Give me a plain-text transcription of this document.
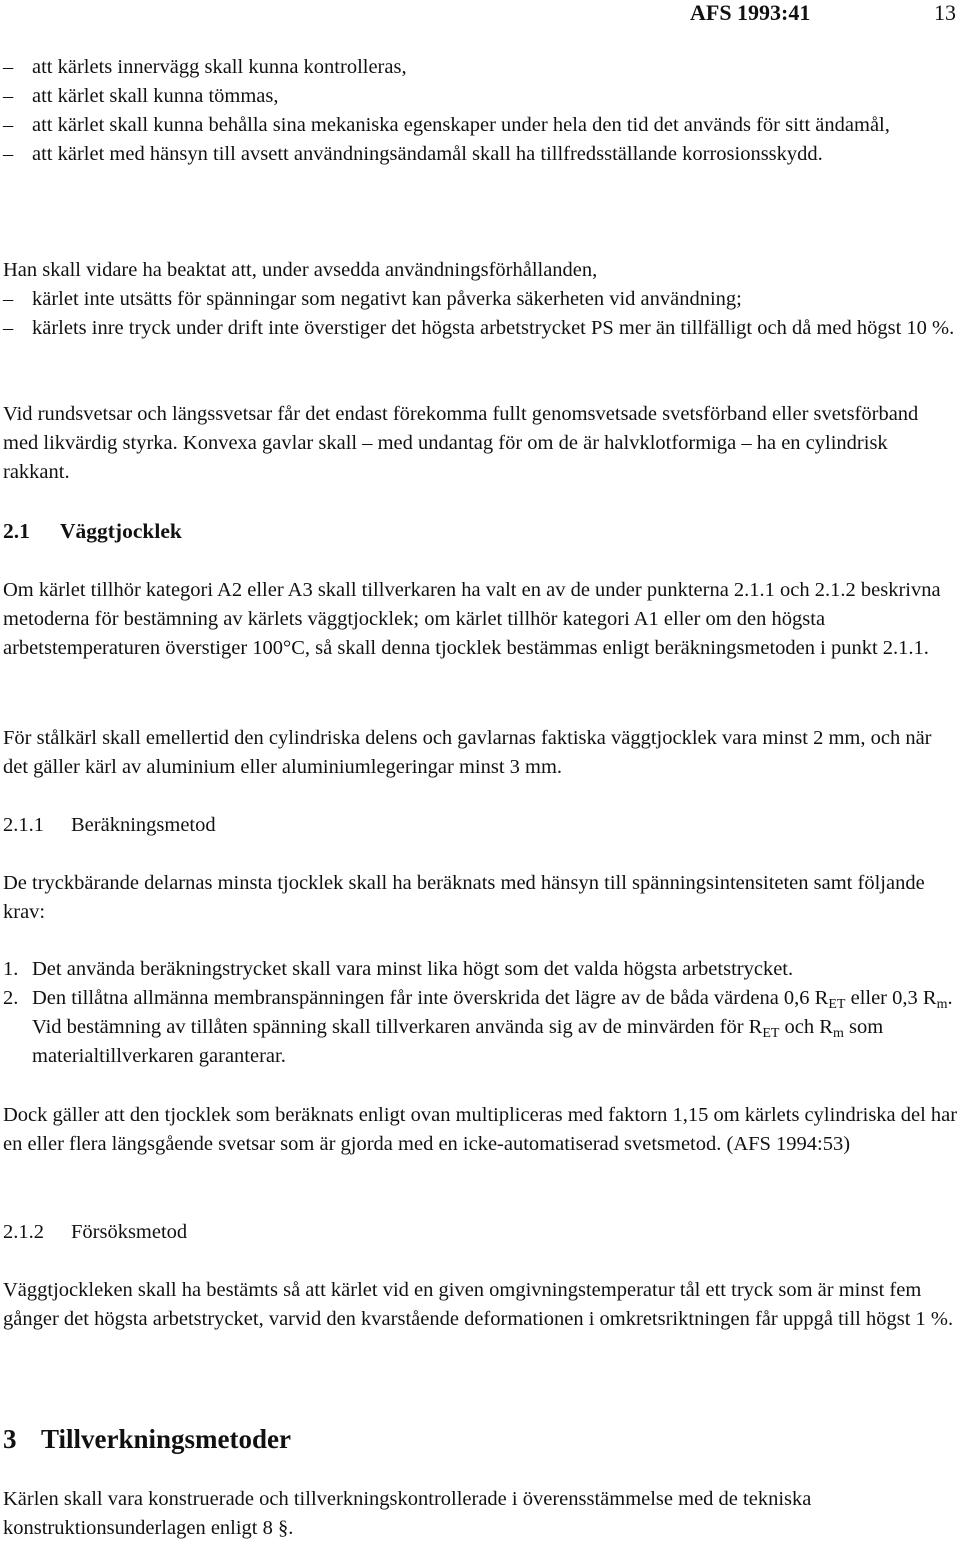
AFS 1993:41	13
– att kärlets innervägg skall kunna kontrolleras,
– att kärlet skall kunna tömmas,
– att kärlet skall kunna behålla sina mekaniska egenskaper under hela den tid det används för sitt ändamål,
– att kärlet med hänsyn till avsett användningsändamål skall ha tillfredsställande korrosionsskydd.

Han skall vidare ha beaktat att, under avsedda användningsförhållanden,

– kärlet inte utsätts för spänningar som negativt kan påverka säkerheten vid användning;
– kärlets inre tryck under drift inte överstiger det högsta arbetstrycket PS mer än tillfälligt och då med högst 10 %.

Vid rundsvetsar och längssvetsar får det endast förekomma fullt genomsvetsade svetsförband eller svetsförband med likvärdig styrka. Konvexa gavlar skall – med undantag för om de är halvklotformiga – ha en cylindrisk rakkant.

2.1 Väggtjocklek

Om kärlet tillhör kategori A2 eller A3 skall tillverkaren ha valt en av de under punkterna 2.1.1 och 2.1.2 beskrivna metoderna för bestämning av kärlets väggtjocklek; om kärlet tillhör kategori A1 eller om den högsta arbetstemperaturen överstiger 100°C, så skall denna tjocklek bestämmas enligt beräkningsmetoden i punkt 2.1.1.

För stålkärl skall emellertid den cylindriska delens och gavlarnas faktiska väggtjocklek vara minst 2 mm, och när det gäller kärl av aluminium eller aluminiumlegeringar minst 3 mm.

2.1.1 Beräkningsmetod

De tryckbärande delarnas minsta tjocklek skall ha beräknats med hänsyn till spänningsintensiteten samt följande krav:

1. Det använda beräkningstrycket skall vara minst lika högt som det valda högsta arbetstrycket.
2. Den tillåtna allmänna membranspänningen får inte överskrida det lägre av de båda värdena 0,6 $R_{ET}$ eller 0,3 $R_m$. Vid bestämning av tillåten spänning skall tillverkaren använda sig av de minvärden för $R_{ET}$ och $R_m$ som materialtillverkaren garanterar.

Dock gäller att den tjocklek som beräknats enligt ovan multipliceras med faktorn 1,15 om kärlets cylindriska del har en eller flera längsgående svetsar som är gjorda med en icke-automatiserad svetsmetod. (AFS 1994:53)

2.1.2 Försöksmetod

Väggtjockleken skall ha bestämts så att kärlet vid en given omgivningstemperatur tål ett tryck som är minst fem gånger det högsta arbetstrycket, varvid den kvarstående deformationen i omkretsriktningen får uppgå till högst 1 %.

3 Tillverkningsmetoder

Kärlen skall vara konstruerade och tillverkningskontrollerade i överensstämmelse med de tekniska konstruktionsunderlagen enligt 8 §.
